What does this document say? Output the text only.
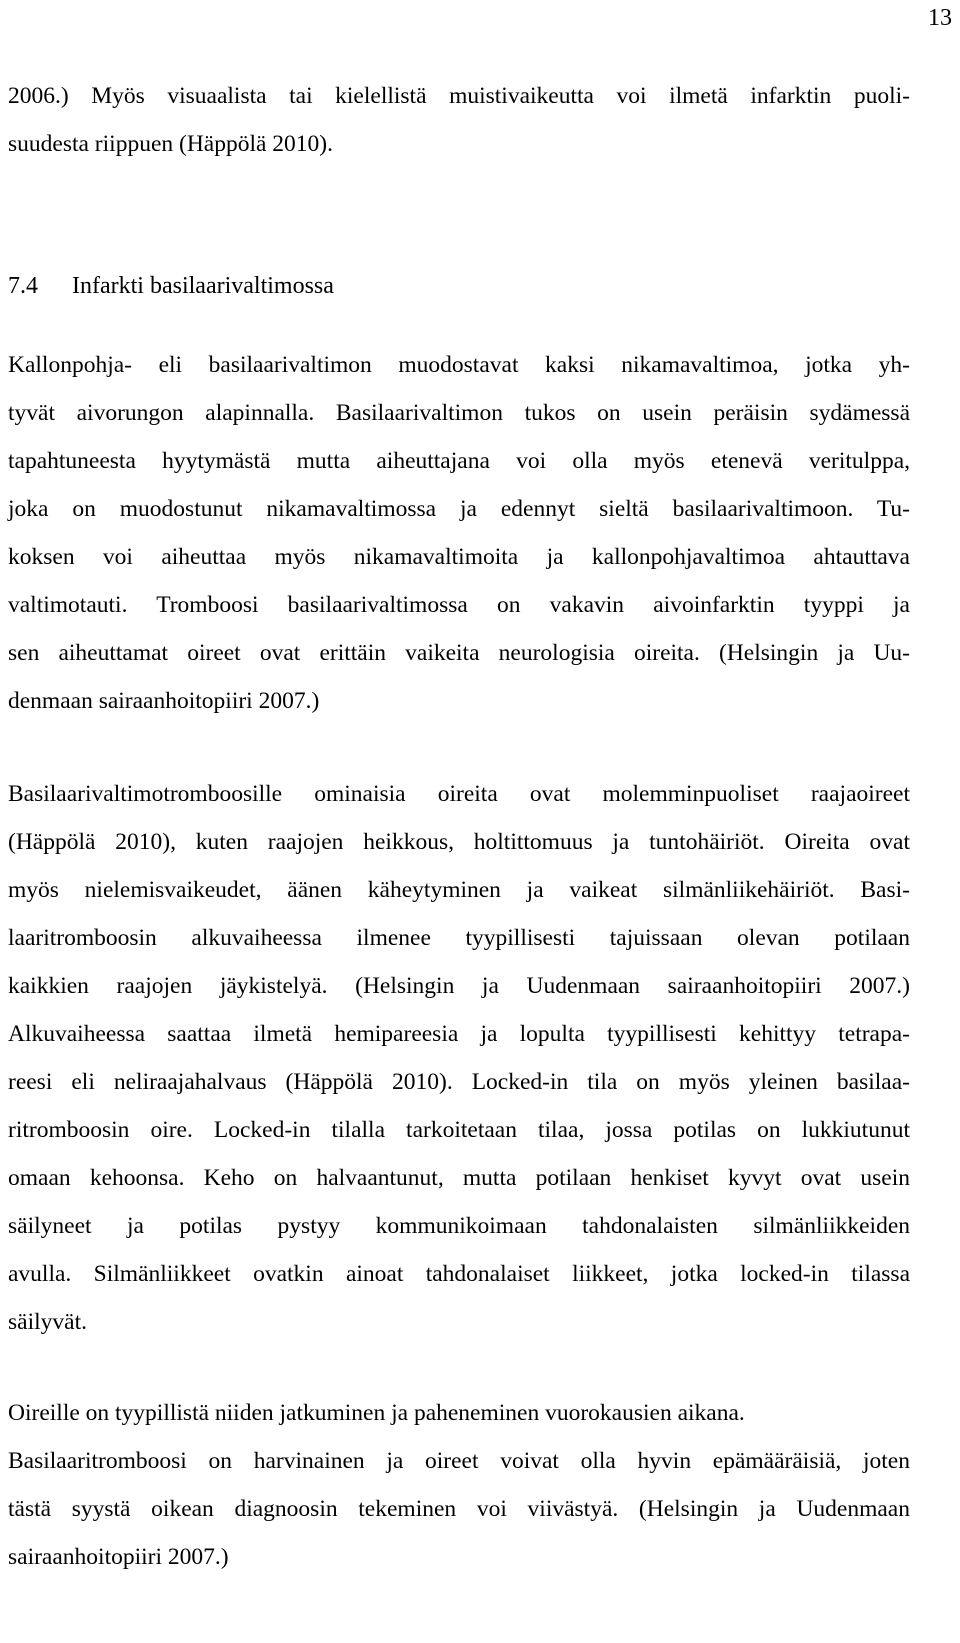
13
2006.) Myös visuaalista tai kielellistä muistivaikeutta voi ilmetä infarktin puoli-
suudesta riippuen (Häppölä 2010).
7.4 Infarkti basilaarivaltimossa
Kallonpohja- eli basilaarivaltimon muodostavat kaksi nikamavaltimoa, jotka yh-
tyvät aivorungon alapinnalla. Basilaarivaltimon tukos on usein peräisin sydämessä
tapahtuneesta hyytymästä mutta aiheuttajana voi olla myös etenevä veritulppa,
joka on muodostunut nikamavaltimossa ja edennyt sieltä basilaarivaltimoon. Tu-
koksen voi aiheuttaa myös nikamavaltimoita ja kallonpohjavaltimoa ahtauttava
valtimotauti. Tromboosi basilaarivaltimossa on vakavin aivoinfarktin tyyppi ja
sen aiheuttamat oireet ovat erittäin vaikeita neurologisia oireita. (Helsingin ja Uu-
denmaan sairaanhoitopiiri 2007.)
Basilaarivaltimotromboosille ominaisia oireita ovat molemminpuoliset raajaoireet
(Häppölä 2010), kuten raajojen heikkous, holtittomuus ja tuntohäiriöt. Oireita ovat
myös nielemisvaikeudet, äänen käheytyminen ja vaikeat silmänliikehäiriöt. Basi-
laaritromboosin alkuvaiheessa ilmenee tyypillisesti tajuissaan olevan potilaan
kaikkien raajojen jäykistelyä. (Helsingin ja Uudenmaan sairaanhoitopiiri 2007.)
Alkuvaiheessa saattaa ilmetä hemipareesia ja lopulta tyypillisesti kehittyy tetrapa-
reesi eli neliraajahalvaus (Häppölä 2010). Locked-in tila on myös yleinen basilaa-
ritromboosin oire. Locked-in tilalla tarkoitetaan tilaa, jossa potilas on lukkiutunut
omaan kehoonsa. Keho on halvaantunut, mutta potilaan henkiset kyvyt ovat usein
säilyneet ja potilas pystyy kommunikoimaan tahdonalaisten silmänliikkeiden
avulla. Silmänliikkeet ovatkin ainoat tahdonalaiset liikkeet, jotka locked-in tilassa
säilyvät.
Oireille on tyypillistä niiden jatkuminen ja paheneminen vuorokausien aikana.
Basilaaritromboosi on harvinainen ja oireet voivat olla hyvin epämääräisiä, joten
tästä syystä oikean diagnoosin tekeminen voi viivästyä. (Helsingin ja Uudenmaan
sairaanhoitopiiri 2007.)
